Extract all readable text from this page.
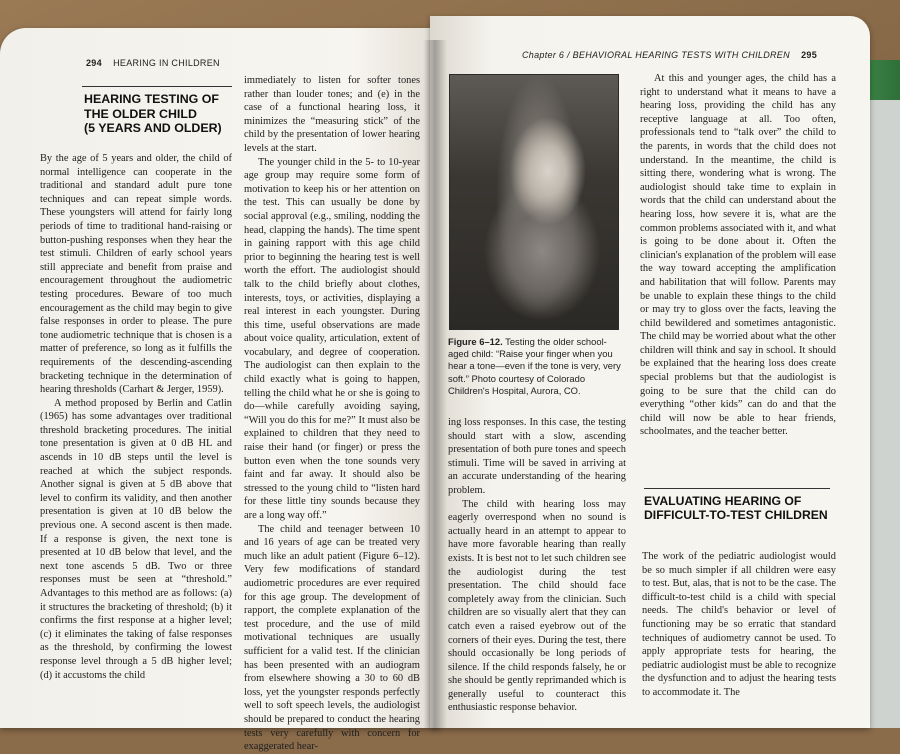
294 HEARING IN CHILDREN
HEARING TESTING OF
THE OLDER CHILD
(5 YEARS AND OLDER)

By the age of 5 years and older, the child of normal intelligence can cooperate in the traditional and standard adult pure tone techniques and can repeat simple words. These youngsters will attend for fairly long periods of time to traditional hand-raising or button-pushing responses when they hear the test stimuli. Children of early school years still appreciate and benefit from praise and encouragement throughout the audiometric testing procedures. Beware of too much encouragement as the child may begin to give false responses in order to please. The pure tone audiometric technique that is chosen is a matter of preference, so long as it fulfills the requirements of the descending-ascending bracketing technique in the determination of hearing thresholds (Carhart & Jerger, 1959).

A method proposed by Berlin and Catlin (1965) has some advantages over traditional threshold bracketing procedures. The initial tone presentation is given at 0 dB HL and ascends in 10 dB steps until the level is reached at which the subject responds. Another signal is given at 5 dB above that level to confirm its validity, and then another presentation is given at 10 dB below the previous one. A second ascent is then made. If a response is given, the next tone is presented at 10 dB below that level, and the next tone ascends 5 dB. Two or three responses must be seen at “threshold.” Advantages to this method are as follows: (a) it structures the bracketing of threshold; (b) it confirms the first response at a higher level; (c) it eliminates the taking of false responses as the threshold, by confirming the lowest response level through a 5 dB higher level; (d) it accustoms the child

immediately to listen for softer tones rather than louder tones; and (e) in the case of a functional hearing loss, it minimizes the “measuring stick” of the child by the presentation of lower hearing levels at the start.

The younger child in the 5- to 10-year age group may require some form of motivation to keep his or her attention on the test. This can usually be done by social approval (e.g., smiling, nodding the head, clapping the hands). The time spent in gaining rapport with this age child prior to beginning the hearing test is well worth the effort. The audiologist should talk to the child briefly about clothes, interests, toys, or activities, displaying a real interest in each youngster. During this time, useful observations are made about voice quality, articulation, extent of vocabulary, and degree of cooperation. The audiologist can then explain to the child exactly what is going to happen, telling the child what he or she is going to do—while carefully avoiding saying, “Will you do this for me?” It must also be explained to children that they need to raise their hand (or finger) or press the button even when the tone sounds very faint and far away. It should also be stressed to the young child to “listen hard for these little tiny sounds because they are a long way off.”

The child and teenager between 10 and 16 years of age can be treated very much like an adult patient (Figure 6–12). Very few modifications of standard audiometric procedures are ever required for this age group. The development of rapport, the complete explanation of the test procedure, and the use of mild motivational techniques are usually sufficient for a valid test. If the clinician has been presented with an audiogram from elsewhere showing a 30 to 60 dB loss, yet the youngster responds perfectly well to soft speech levels, the audiologist should be prepared to conduct the hearing tests very carefully with concern for exaggerated hear-

Chapter 6 / BEHAVIORAL HEARING TESTS WITH CHILDREN 295
Figure 6–12. Testing the older school-aged child: “Raise your finger when you hear a tone—even if the tone is very, very soft.” Photo courtesy of Colorado Children's Hospital, Aurora, CO.

ing loss responses. In this case, the testing should start with a slow, ascending presentation of both pure tones and speech stimuli. Time will be saved in arriving at an accurate understanding of the hearing problem.

The child with hearing loss may eagerly overrespond when no sound is actually heard in an attempt to appear to have more favorable hearing than really exists. It is best not to let such children see the audiologist during the test presentation. The child should face completely away from the clinician. Such children are so visually alert that they can catch even a raised eyebrow out of the corners of their eyes. During the test, there should occasionally be long periods of silence. If the child responds falsely, he or she should be gently reprimanded which is generally useful to counteract this enthusiastic response behavior.

At this and younger ages, the child has a right to understand what it means to have a hearing loss, providing the child has any receptive language at all. Too often, professionals tend to “talk over” the child to the parents, in words that the child does not understand. In the meantime, the child is sitting there, wondering what is wrong. The audiologist should take time to explain in words that the child can understand about the hearing loss, how severe it is, what are the common problems associated with it, and what is going to be done about it. Often the clinician's explanation of the problem will ease the way toward accepting the amplification and habilitation that will follow. Parents may be unable to explain these things to the child or may try to gloss over the facts, leaving the child bewildered and sometimes antagonistic. The child may be worried about what the other children will think and say in school. It should be explained that the hearing loss does create special problems but that the audiologist is going to be sure that the child can do everything “other kids” can do and that the child will now be able to hear friends, schoolmates, and the teacher better.

EVALUATING HEARING OF
DIFFICULT-TO-TEST CHILDREN

The work of the pediatric audiologist would be so much simpler if all children were easy to test. But, alas, that is not to be the case. The difficult-to-test child is a child with special needs. The child's behavior or level of functioning may be so erratic that standard techniques of audiometry cannot be used. To apply appropriate tests for hearing, the pediatric audiologist must be able to recognize the dysfunction and to adjust the hearing tests to accommodate it. The
